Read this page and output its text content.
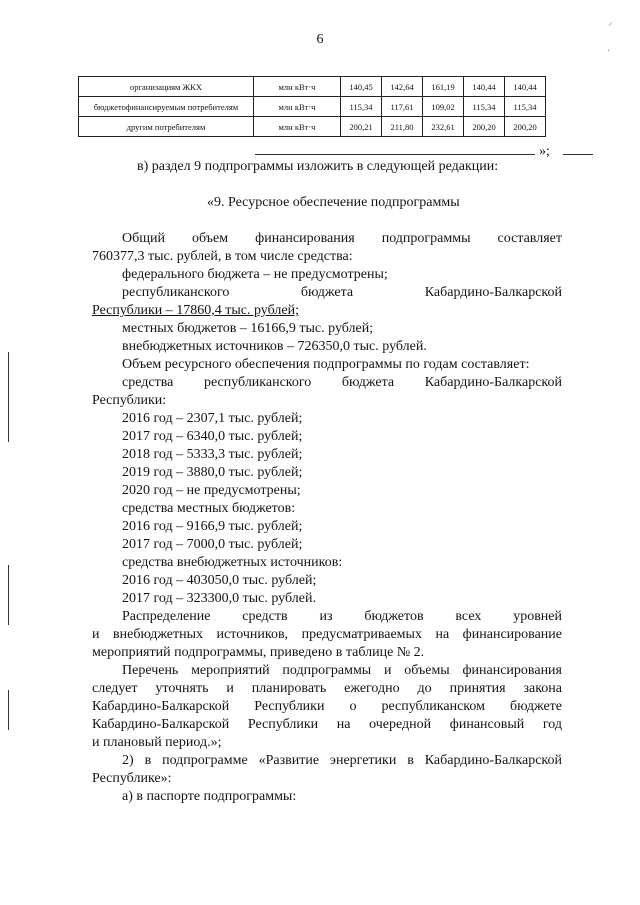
6
⸝
·
организациям ЖКХ	млн кВт·ч	140,45	142,64	161,19	140,44	140,44
бюджетофинансируемым потребителям	млн кВт·ч	115,34	117,61	109,02	115,34	115,34
другим потребителям	млн кВт·ч	200,21	211,80	232,61	200,20	200,20
»;
в) раздел 9 подпрограммы изложить в следующей редакции:
«9. Ресурсное обеспечение подпрограммы
Общий объем финансирования подпрограммы составляет
760377,3 тыс. рублей, в том числе средства:
федерального бюджета – не предусмотрены;
республиканского бюджета Кабардино-Балкарской
Республики – 17860,4 тыс. рублей;
местных бюджетов – 16166,9 тыс. рублей;
внебюджетных источников – 726350,0 тыс. рублей.
Объем ресурсного обеспечения подпрограммы по годам составляет:
средства республиканского бюджета Кабардино-Балкарской
Республики:
2016 год – 2307,1 тыс. рублей;
2017 год – 6340,0 тыс. рублей;
2018 год – 5333,3 тыс. рублей;
2019 год – 3880,0 тыс. рублей;
2020 год – не предусмотрены;
средства местных бюджетов:
2016 год – 9166,9 тыс. рублей;
2017 год – 7000,0 тыс. рублей;
средства внебюджетных источников:
2016 год – 403050,0 тыс. рублей;
2017 год – 323300,0 тыс. рублей.
Распределение средств из бюджетов всех уровней
и внебюджетных источников, предусматриваемых на финансирование
мероприятий подпрограммы, приведено в таблице № 2.
Перечень мероприятий подпрограммы и объемы финансирования
следует уточнять и планировать ежегодно до принятия закона
Кабардино-Балкарской Республики о республиканском бюджете
Кабардино-Балкарской Республики на очередной финансовый год
и плановый период.»;
2) в подпрограмме «Развитие энергетики в Кабардино-Балкарской
Республике»:
а) в паспорте подпрограммы:
